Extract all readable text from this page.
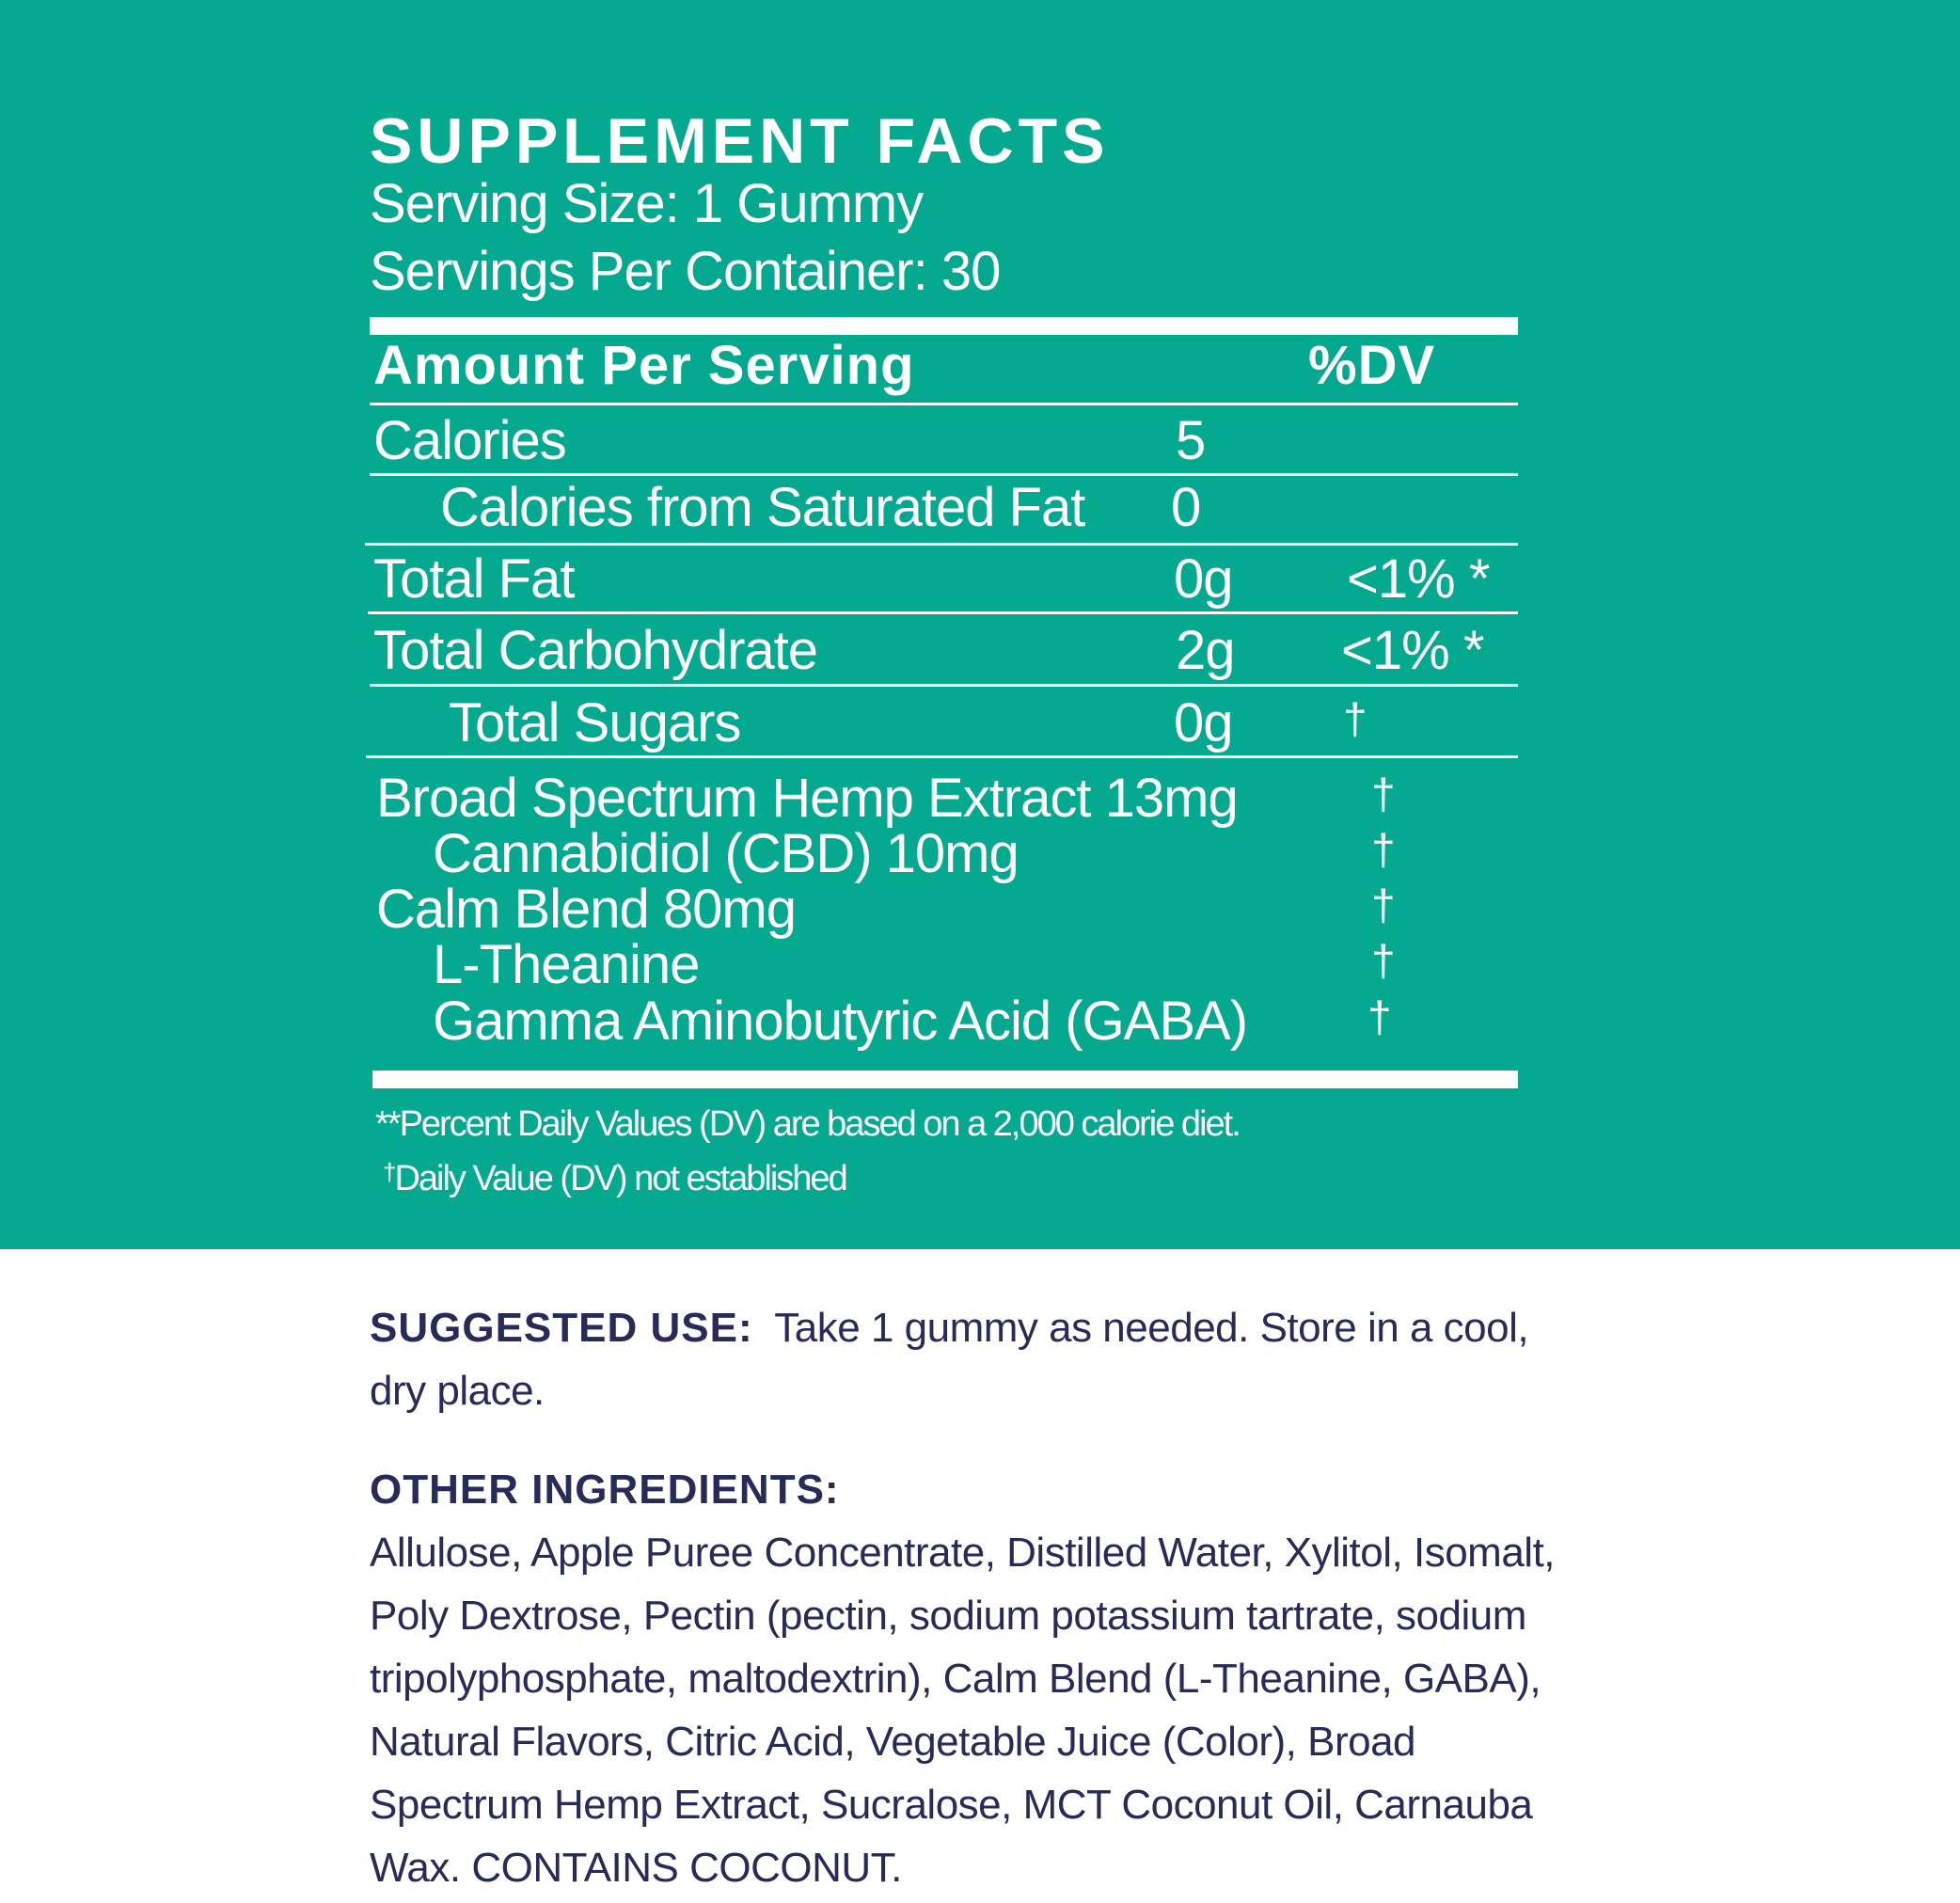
SUPPLEMENT FACTS
Serving Size: 1 Gummy
Servings Per Container: 30
Amount Per Serving	%DV
Calories	5
Calories from Saturated Fat 0
Total Fat	0g <1% *
Total Carbohydrate	2g <1% *
Total Sugars	0g	†
Broad Spectrum Hemp Extract 13mg	†
Cannabidiol (CBD) 10mg	†
Calm Blend 80mg	†
L-Theanine	†
Gamma Aminobutyric Acid (GABA)	†
**Percent Daily Values (DV) are based on a 2,000 calorie diet.
†Daily Value (DV) not established
SUGGESTED USE: Take 1 gummy as needed. Store in a cool, dry place.
OTHER INGREDIENTS:
Allulose, Apple Puree Concentrate, Distilled Water, Xylitol, Isomalt, Poly Dextrose, Pectin (pectin, sodium potassium tartrate, sodium tripolyphosphate, maltodextrin), Calm Blend (L-Theanine, GABA), Natural Flavors, Citric Acid, Vegetable Juice (Color), Broad Spectrum Hemp Extract, Sucralose, MCT Coconut Oil, Carnauba Wax. CONTAINS COCONUT.
